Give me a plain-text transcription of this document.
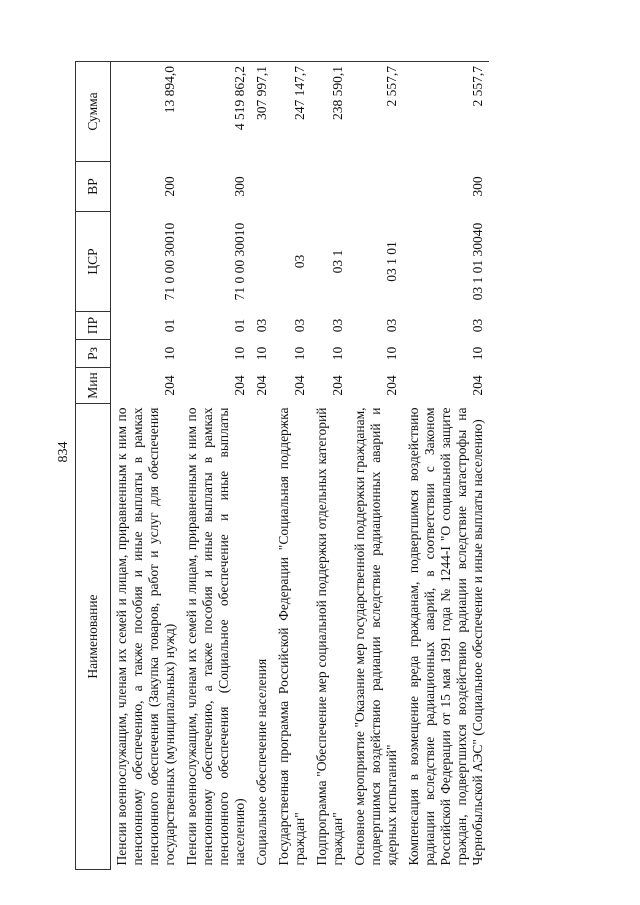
834
Наименование	Мин	Рз	ПР	ЦСР	ВР	Сумма
Пенсии военнослужащим, членам их семей и лицам, приравненным к ним по пенсионному обеспечению, а также пособия и иные выплаты в рамках пенсионного обеспечения (Закупка товаров, работ и услуг для обеспечения государственных (муниципальных) нужд)	204	10	01	71 0 00 30010	200	13 894,0
Пенсии военнослужащим, членам их семей и лицам, приравненным к ним по пенсионному обеспечению, а также пособия и иные выплаты в рамках пенсионного обеспечения (Социальное обеспечение и иные выплаты населению)	204	10	01	71 0 00 30010	300	4 519 862,2
Социальное обеспечение населения	204	10	03			307 997,1
Государственная программа Российской Федерации "Социальная поддержка граждан"	204	10	03	03		247 147,7
Подпрограмма "Обеспечение мер социальной поддержки отдельных категорий граждан"	204	10	03	03 1		238 590,1
Основное мероприятие "Оказание мер государственной поддержки гражданам, подвергшимся воздействию радиации вследствие радиационных аварий и ядерных испытаний"	204	10	03	03 1 01		2 557,7
Компенсация в возмещение вреда гражданам, подвергшимся воздействию радиации вследствие радиационных аварий, в соответствии с Законом Российской Федерации от 15 мая 1991 года № 1244-I "О социальной защите граждан, подвергшихся воздействию радиации вследствие катастрофы на Чернобыльской АЭС" (Социальное обеспечение и иные выплаты населению)	204	10	03	03 1 01 30040	300	2 557,7
